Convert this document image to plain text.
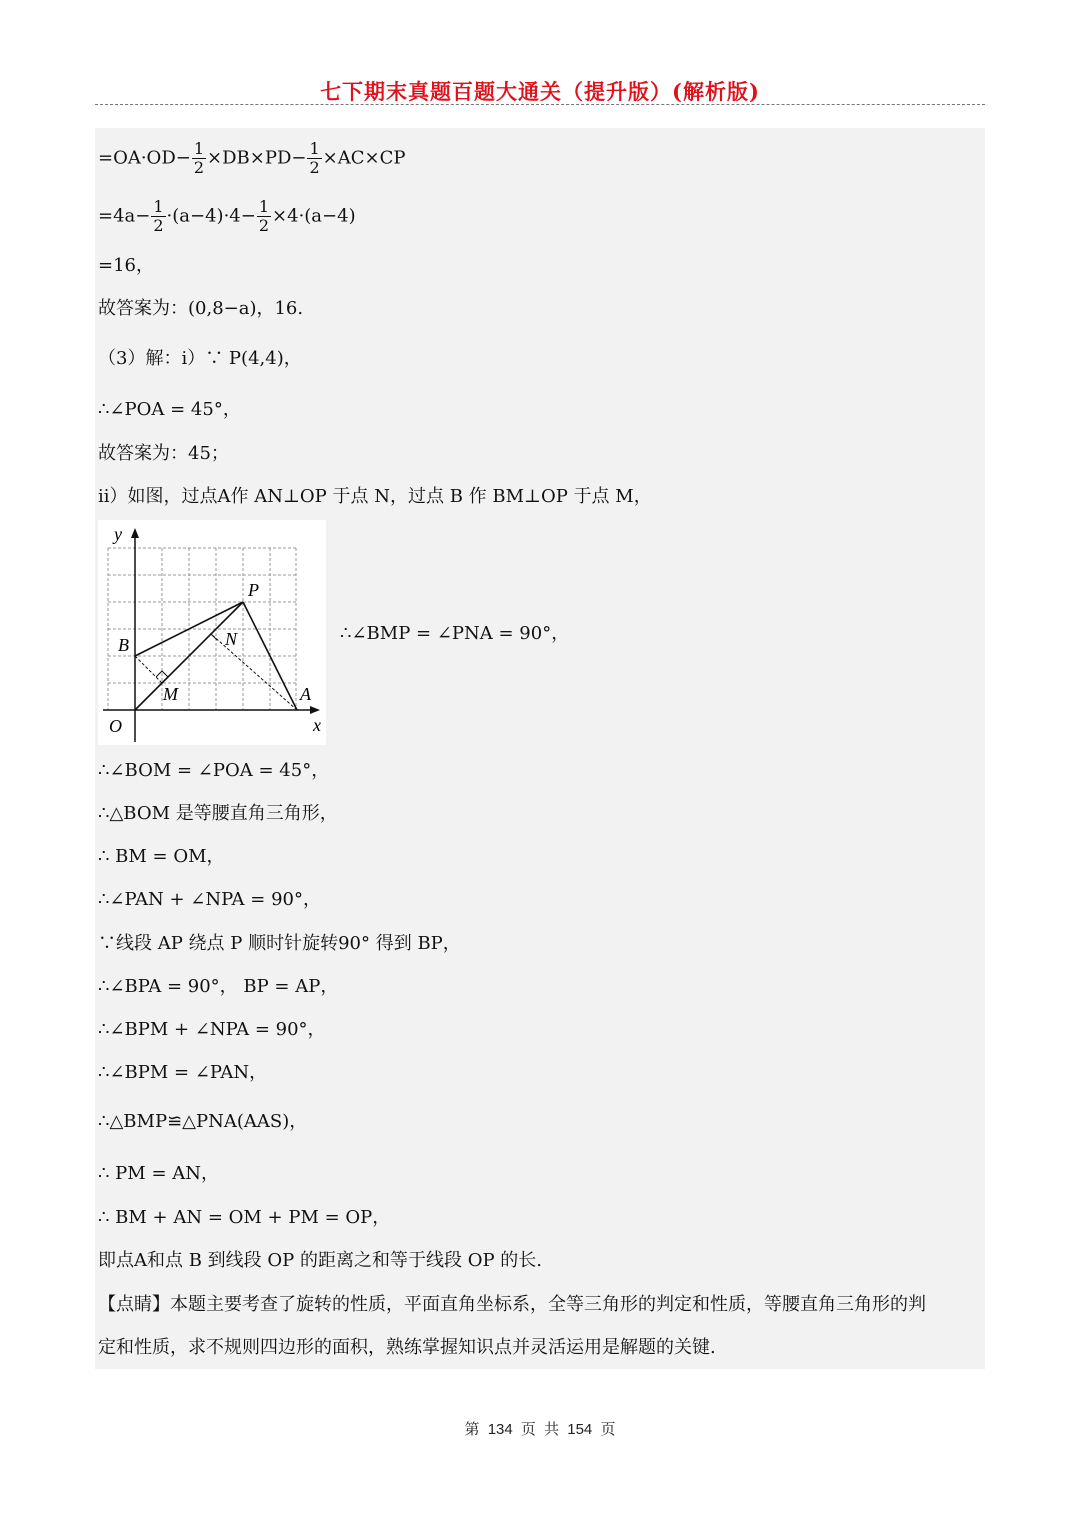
七下期末真题百题大通关（提升版）(解析版)
$=OA\cdot OD- \frac{1}{2} \times DB\times PD- \frac{1}{2} \times AC\times CP$
$=4a- \frac{1}{2} \cdot(a-4)\cdot 4- \frac{1}{2} \times 4\cdot(a-4)$
=16，
故答案为：(0,8−a)，16.
（3）解：i）∵ P(4,4)，
∴∠POA = 45°，
故答案为：45；
ii）如图，过点A作 AN⊥OP 于点 N，过点 B 作 BM⊥OP 于点 M，
y
x
O
P
B	N
M	A
∴∠BMP = ∠PNA = 90°，
∴∠BOM = ∠POA = 45°，
∴△BOM 是等腰直角三角形，
∴ BM = OM，
∴∠PAN + ∠NPA = 90°，
∵线段 AP 绕点 P 顺时针旋转90° 得到 BP，
∴∠BPA = 90°， BP = AP，
∴∠BPM + ∠NPA = 90°，
∴∠BPM = ∠PAN，
∴△BMP≌△PNA(AAS)，
∴ PM = AN，
∴ BM + AN = OM + PM = OP，
即点A和点 B 到线段 OP 的距离之和等于线段 OP 的长.
【点睛】本题主要考查了旋转的性质，平面直角坐标系，全等三角形的判定和性质，等腰直角三角形的判
定和性质，求不规则四边形的面积，熟练掌握知识点并灵活运用是解题的关键.
第 134 页 共 154 页
